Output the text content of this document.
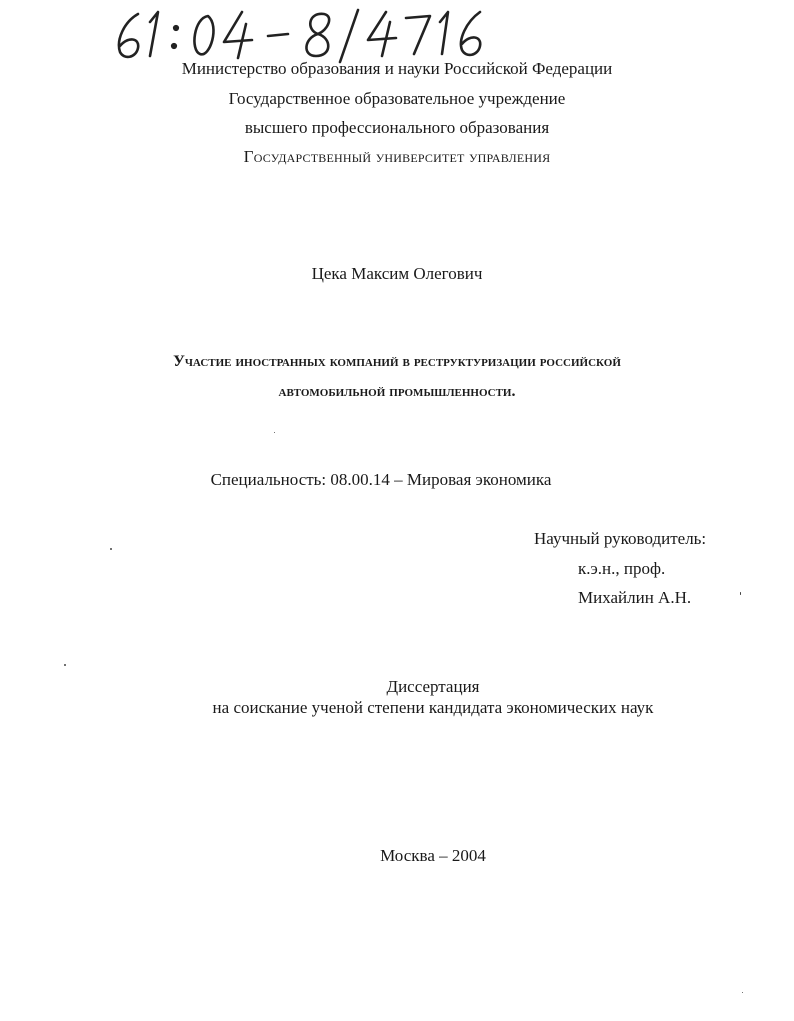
Министерство образования и науки Российской Федерации
Государственное образовательное учреждение
высшего профессионального образования
Государственный университет управления
Цека Максим Олегович
Участие иностранных компаний в реструктуризации российской
автомобильной промышленности.
Специальность: 08.00.14 – Мировая экономика
Научный руководитель:
к.э.н., проф.
Михайлин А.Н.
Диссертация
на соискание ученой степени кандидата экономических наук
Москва – 2004
